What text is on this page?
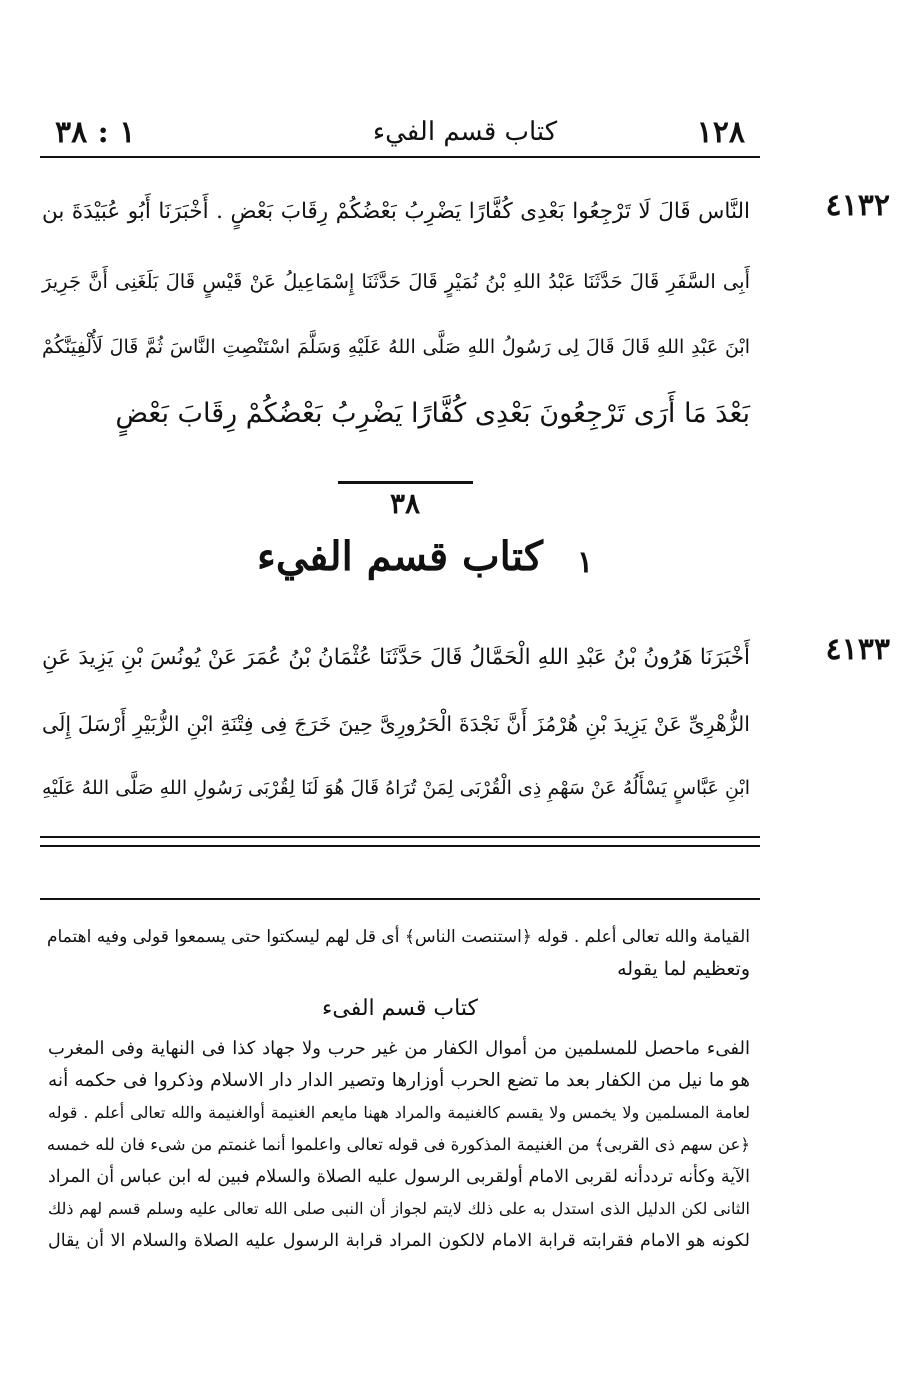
١٢٨
كتاب قسم الفيء
١ : ٣٨
٤١٣٢
النَّاس قَالَ لَا تَرْجِعُوا بَعْدِى كُفَّارًا يَضْرِبُ بَعْضُكُمْ رِقَابَ بَعْضٍ . أَخْبَرَنَا أَبُو عُبَيْدَةَ بن
أَبِى السَّفَرِ قَالَ حَدَّثَنَا عَبْدُ اللهِ بْنُ نُمَيْرٍ قَالَ حَدَّثَنَا إِسْمَاعِيلُ عَنْ قَيْسٍ قَالَ بَلَغَنِى أَنَّ جَرِيرَ
ابْنَ عَبْدِ اللهِ قَالَ قَالَ لِى رَسُولُ اللهِ صَلَّى اللهُ عَلَيْهِ وَسَلَّمَ اسْتَنْصِتِ النَّاسَ ثُمَّ قَالَ لَأُلْفِيَنَّكُمْ
بَعْدَ مَا أَرَى تَرْجِعُونَ بَعْدِى كُفَّارًا يَضْرِبُ بَعْضُكُمْ رِقَابَ بَعْضٍ
٣٨
كتاب قسم الفيء	١
٤١٣٣
أَخْبَرَنَا هَرُونُ بْنُ عَبْدِ اللهِ الْحَمَّالُ قَالَ حَدَّثَنَا عُثْمَانُ بْنُ عُمَرَ عَنْ يُونُسَ بْنِ يَزِيدَ عَنِ
الزُّهْرِىِّ عَنْ يَزِيدَ بْنِ هُرْمُزَ أَنَّ نَجْدَةَ الْحَرُورِىَّ حِينَ خَرَجَ فِى فِتْنَةِ ابْنِ الزُّبَيْرِ أَرْسَلَ إِلَى
ابْنِ عَبَّاسٍ يَسْأَلُهُ عَنْ سَهْمِ ذِى الْقُرْبَى لِمَنْ تُرَاهُ قَالَ هُوَ لَنَا لِقُرْبَى رَسُولِ اللهِ صَلَّى اللهُ عَلَيْهِ
القيامة والله تعالى أعلم . قوله ﴿استنصت الناس﴾ أى قل لهم ليسكتوا حتى يسمعوا قولى وفيه اهتمام
وتعظيم لما يقوله
كتاب قسم الفىء
الفىء ماحصل للمسلمين من أموال الكفار من غير حرب ولا جهاد كذا فى النهاية وفى المغرب
هو ما نيل من الكفار بعد ما تضع الحرب أوزارها وتصير الدار دار الاسلام وذكروا فى حكمه أنه
لعامة المسلمين ولا يخمس ولا يقسم كالغنيمة والمراد ههنا مايعم الغنيمة أوالغنيمة والله تعالى أعلم . قوله
﴿عن سهم ذى القربى﴾ من الغنيمة المذكورة فى قوله تعالى واعلموا أنما غنمتم من شىء فان لله خمسه
الآية وكأنه ترددأنه لقربى الامام أولقربى الرسول عليه الصلاة والسلام فبين له ابن عباس أن المراد
الثانى لكن الدليل الذى استدل به على ذلك لايتم لجواز أن النبى صلى الله تعالى عليه وسلم قسم لهم ذلك
لكونه هو الامام فقرابته قرابة الامام لالكون المراد قرابة الرسول عليه الصلاة والسلام الا أن يقال
